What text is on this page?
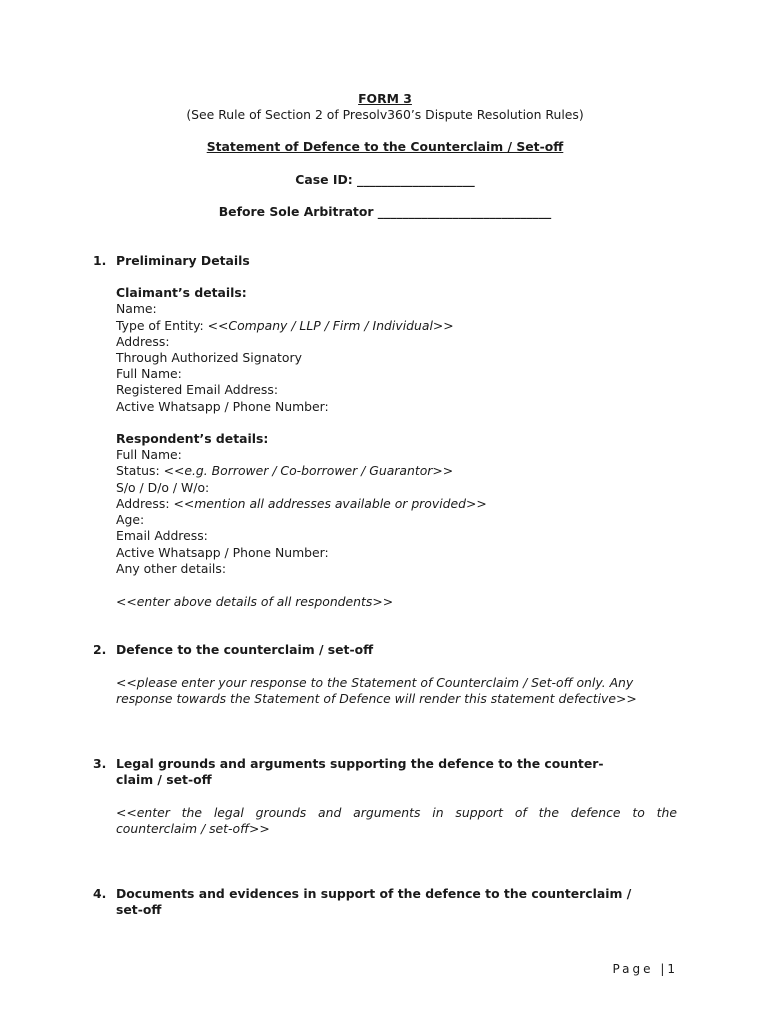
FORM 3
(See Rule of Section 2 of Presolv360’s Dispute Resolution Rules)
Statement of Defence to the Counterclaim / Set-off
Case ID: ___________________
Before Sole Arbitrator ____________________________
1. Preliminary Details
Claimant’s details:
Name:
Type of Entity: <<Company / LLP / Firm / Individual>>
Address:
Through Authorized Signatory
Full Name:
Registered Email Address:
Active Whatsapp / Phone Number:
Respondent’s details:
Full Name:
Status: <<e.g. Borrower / Co-borrower / Guarantor>>
S/o / D/o / W/o:
Address: <<mention all addresses available or provided>>
Age:
Email Address:
Active Whatsapp / Phone Number:
Any other details:
<<enter above details of all respondents>>
2. Defence to the counterclaim / set-off
<<please enter your response to the Statement of Counterclaim / Set-off only. Any
response towards the Statement of Defence will render this statement defective>>
3. Legal grounds and arguments supporting the defence to the counter-
claim / set-off
<<enter the legal grounds and arguments in support of the defence to the
counterclaim / set-off>>
4. Documents and evidences in support of the defence to the counterclaim /
set-off
Page |1
